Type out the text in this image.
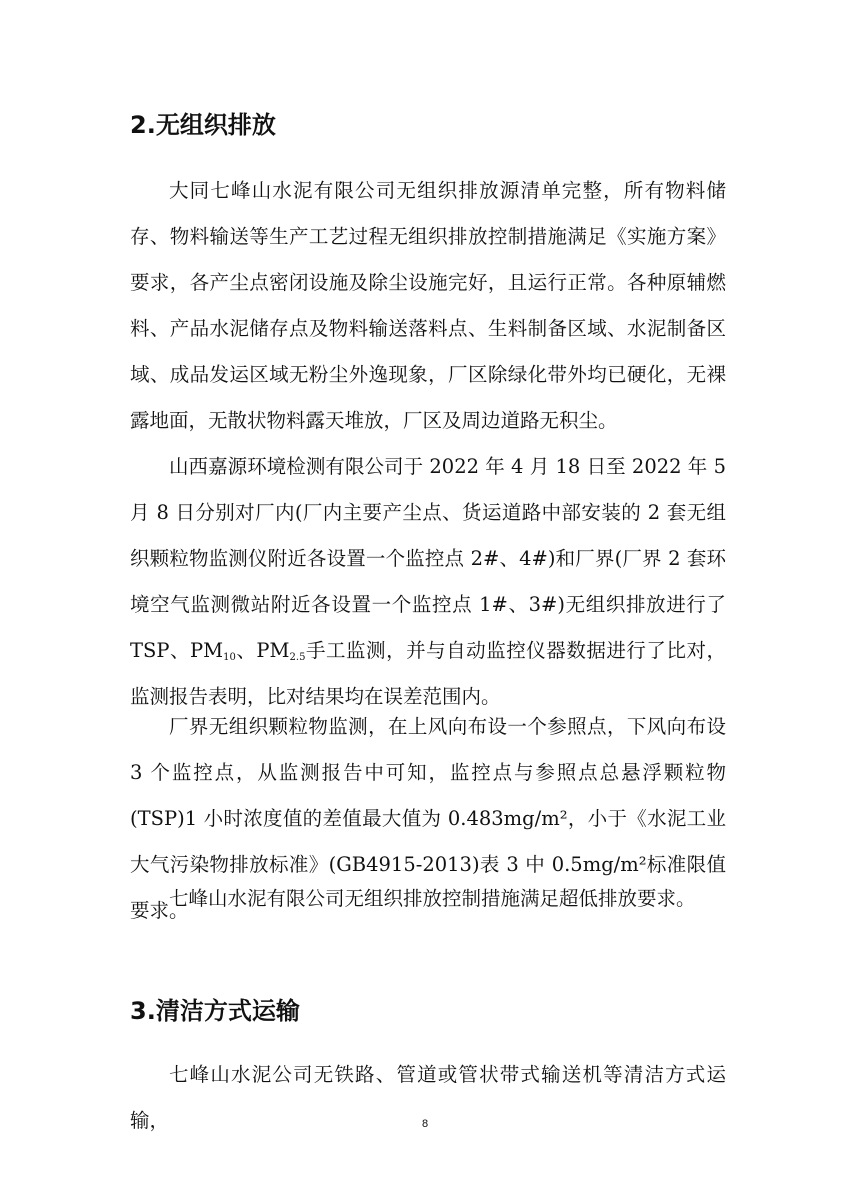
2.无组织排放

大同七峰山水泥有限公司无组织排放源清单完整，所有物料储存、物料输送等生产工艺过程无组织排放控制措施满足《实施方案》要求，各产尘点密闭设施及除尘设施完好，且运行正常。各种原辅燃料、产品水泥储存点及物料输送落料点、生料制备区域、水泥制备区域、成品发运区域无粉尘外逸现象，厂区除绿化带外均已硬化，无裸露地面，无散状物料露天堆放，厂区及周边道路无积尘。

山西嘉源环境检测有限公司于 2022 年 4 月 18 日至 2022 年 5 月 8 日分别对厂内(厂内主要产尘点、货运道路中部安装的 2 套无组织颗粒物监测仪附近各设置一个监控点 2#、4#)和厂界(厂界 2 套环境空气监测微站附近各设置一个监控点 1#、3#)无组织排放进行了 TSP、$PM_{10}$、$PM_{2.5}$手工监测，并与自动监控仪器数据进行了比对，监测报告表明，比对结果均在误差范围内。

厂界无组织颗粒物监测，在上风向布设一个参照点，下风向布设 3 个监控点，从监测报告中可知，监控点与参照点总悬浮颗粒物(TSP)1 小时浓度值的差值最大值为 0.483mg/m²，小于《水泥工业大气污染物排放标准》(GB4915-2013)表 3 中 0.5mg/m²标准限值要求。

七峰山水泥有限公司无组织排放控制措施满足超低排放要求。

3.清洁方式运输

七峰山水泥公司无铁路、管道或管状带式输送机等清洁方式运输，	8
